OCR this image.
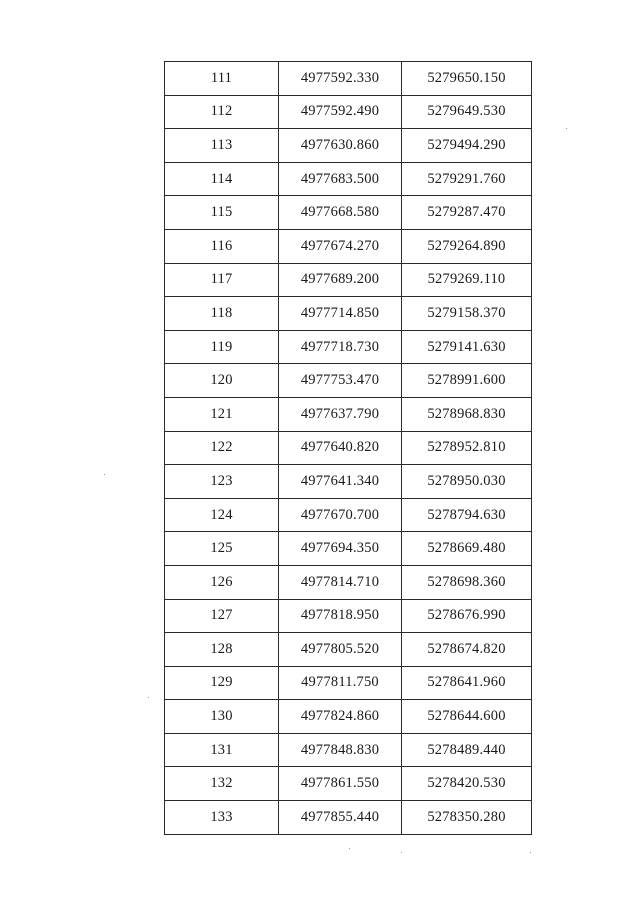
111	4977592.330	5279650.150
112	4977592.490	5279649.530
113	4977630.860	5279494.290
114	4977683.500	5279291.760
115	4977668.580	5279287.470
116	4977674.270	5279264.890
117	4977689.200	5279269.110
118	4977714.850	5279158.370
119	4977718.730	5279141.630
120	4977753.470	5278991.600
121	4977637.790	5278968.830
122	4977640.820	5278952.810
123	4977641.340	5278950.030
124	4977670.700	5278794.630
125	4977694.350	5278669.480
126	4977814.710	5278698.360
127	4977818.950	5278676.990
128	4977805.520	5278674.820
129	4977811.750	5278641.960
130	4977824.860	5278644.600
131	4977848.830	5278489.440
132	4977861.550	5278420.530
133	4977855.440	5278350.280
